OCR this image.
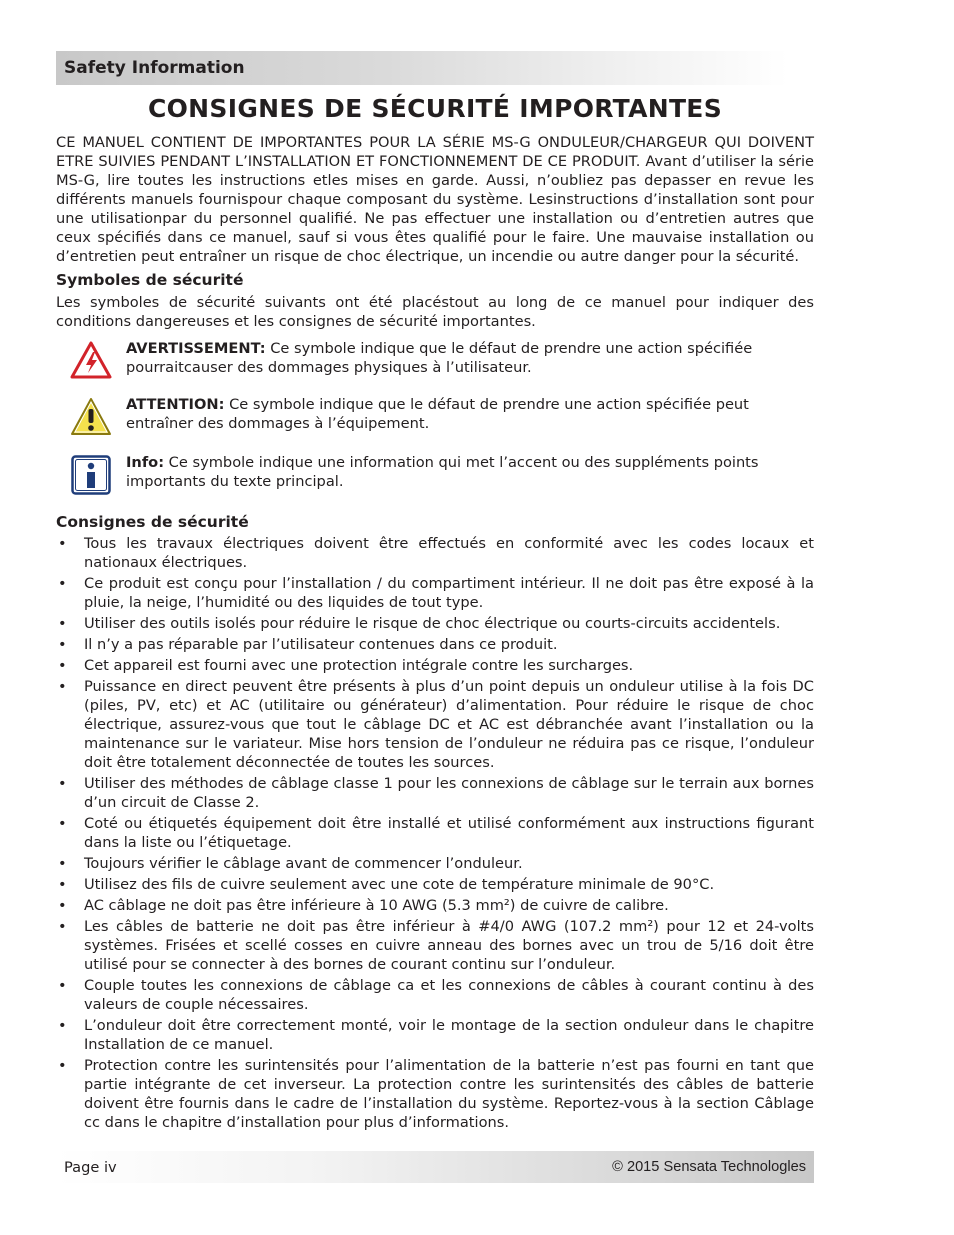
Safety Information
CONSIGNES DE SÉCURITÉ IMPORTANTES

CE MANUEL CONTIENT DE IMPORTANTES POUR LA SÉRIE MS-G ONDULEUR/CHARGEUR QUI DOIVENT ETRE SUIVIES PENDANT L’INSTALLATION ET FONCTIONNEMENT DE CE PRODUIT. Avant d’utiliser la série MS-G, lire toutes les instructions etles mises en garde. Aussi, n’oubliez pas depasser en revue les différents manuels fournispour chaque composant du système. Lesinstructions d’installation sont pour une utilisationpar du personnel qualifié. Ne pas effectuer une installation ou d’entretien autres que ceux spécifiés dans ce manuel, sauf si vous êtes qualifié pour le faire. Une mauvaise installation ou d’entretien peut entraîner un risque de choc électrique, un incendie ou autre danger pour la sécurité.

Symboles de sécurité

Les symboles de sécurité suivants ont été placéstout au long de ce manuel pour indiquer des conditions dangereuses et les consignes de sécurité importantes.

AVERTISSEMENT: Ce symbole indique que le défaut de prendre une action spécifiée pourraitcauser des dommages physiques à l’utilisateur.
ATTENTION: Ce symbole indique que le défaut de prendre une action spécifiée peut entraîner des dommages à l’équipement.
Info: Ce symbole indique une information qui met l’accent ou des suppléments points importants du texte principal.
Consignes de sécurité
• Tous les travaux électriques doivent être effectués en conformité avec les codes locaux et nationaux électriques.
• Ce produit est conçu pour l’installation / du compartiment intérieur. Il ne doit pas être exposé à la pluie, la neige, l’humidité ou des liquides de tout type.
• Utiliser des outils isolés pour réduire le risque de choc électrique ou courts-circuits accidentels.
• Il n’y a pas réparable par l’utilisateur contenues dans ce produit.
• Cet appareil est fourni avec une protection intégrale contre les surcharges.
• Puissance en direct peuvent être présents à plus d’un point depuis un onduleur utilise à la fois DC (piles, PV, etc) et AC (utilitaire ou générateur) d’alimentation. Pour réduire le risque de choc électrique, assurez-vous que tout le câblage DC et AC est débranchée avant l’installation ou la maintenance sur le variateur. Mise hors tension de l’onduleur ne réduira pas ce risque, l’onduleur doit être totalement déconnectée de toutes les sources.
• Utiliser des méthodes de câblage classe 1 pour les connexions de câblage sur le terrain aux bornes d’un circuit de Classe 2.
• Coté ou étiquetés équipement doit être installé et utilisé conformément aux instructions figurant dans la liste ou l’étiquetage.
• Toujours vérifier le câblage avant de commencer l’onduleur.
• Utilisez des fils de cuivre seulement avec une cote de température minimale de 90°C.
• AC câblage ne doit pas être inférieure à 10 AWG (5.3 mm²) de cuivre de calibre.
• Les câbles de batterie ne doit pas être inférieur à #4/0 AWG (107.2 mm²) pour 12 et 24-volts systèmes. Frisées et scellé cosses en cuivre anneau des bornes avec un trou de 5/16 doit être utilisé pour se connecter à des bornes de courant continu sur l’onduleur.
• Couple toutes les connexions de câblage ca et les connexions de câbles à courant continu à des valeurs de couple nécessaires.
• L’onduleur doit être correctement monté, voir le montage de la section onduleur dans le chapitre Installation de ce manuel.
• Protection contre les surintensités pour l’alimentation de la batterie n’est pas fourni en tant que partie intégrante de cet inverseur. La protection contre les surintensités des câbles de batterie doivent être fournis dans le cadre de l’installation du système. Reportez-vous à la section Câblage cc dans le chapitre d’installation pour plus d’informations.
Page iv	© 2015 Sensata Technologles
